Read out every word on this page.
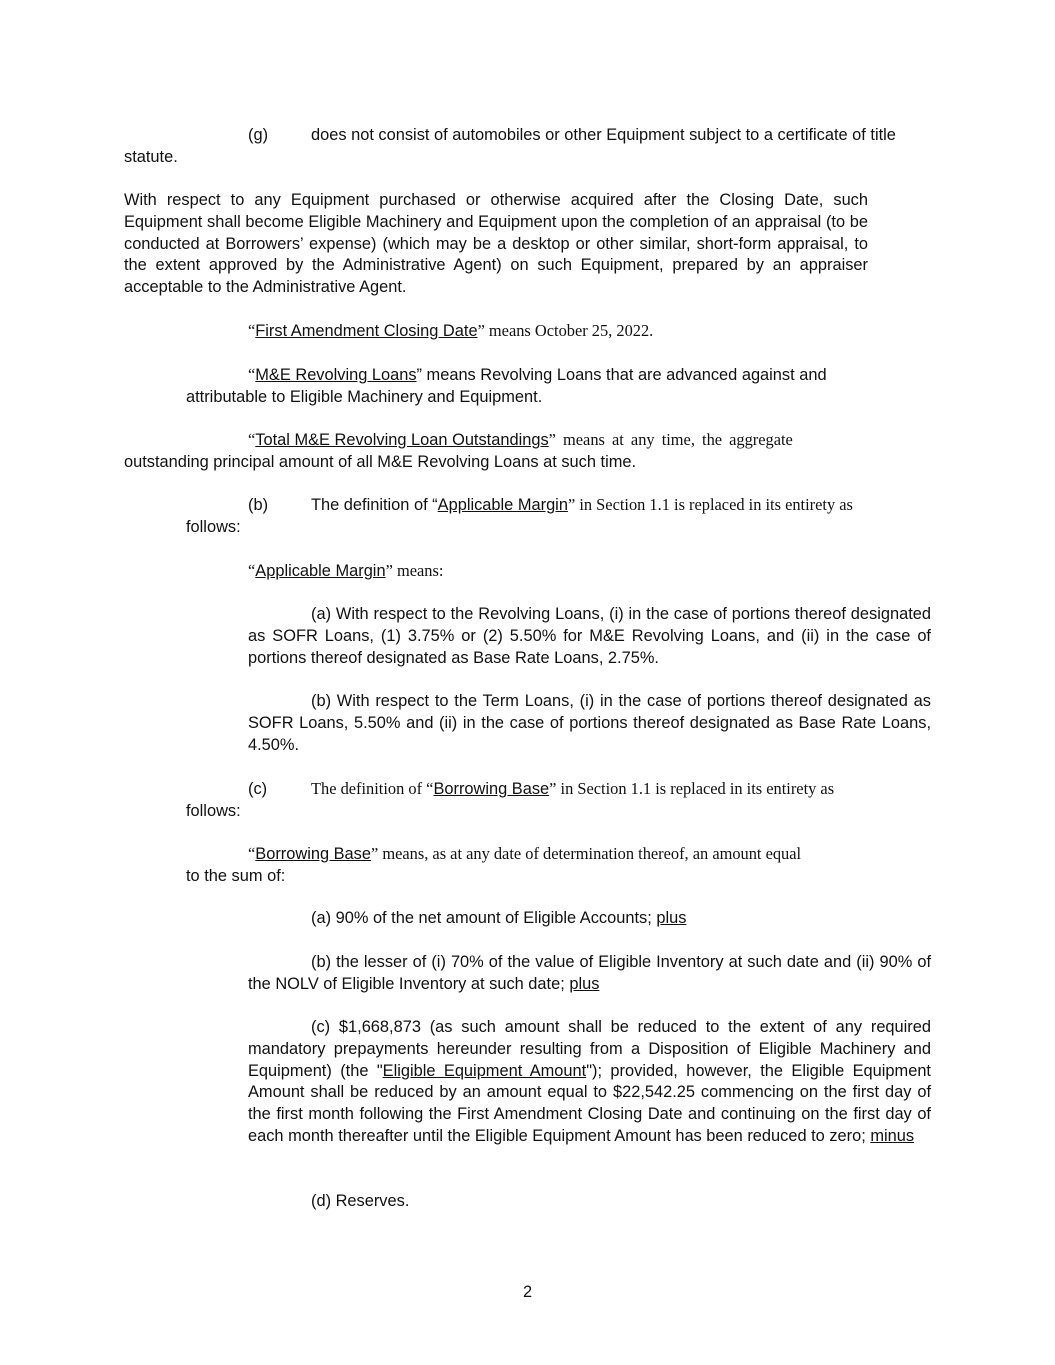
(g)	does not consist of automobiles or other Equipment subject to a certificate of title
statute.
With respect to any Equipment purchased or otherwise acquired after the Closing Date, such Equipment shall become Eligible Machinery and Equipment upon the completion of an appraisal (to be conducted at Borrowers’ expense) (which may be a desktop or other similar, short-form appraisal, to the extent approved by the Administrative Agent) on such Equipment, prepared by an appraiser acceptable to the Administrative Agent.
“First Amendment Closing Date” means October 25, 2022.
“M&E Revolving Loans” means Revolving Loans that are advanced against and
attributable to Eligible Machinery and Equipment.
“Total M&E Revolving Loan Outstandings” means at any time, the aggregate
outstanding principal amount of all M&E Revolving Loans at such time.
(b)	The definition of “Applicable Margin” in Section 1.1 is replaced in its entirety as
follows:
“Applicable Margin” means:
(a) With respect to the Revolving Loans, (i) in the case of portions thereof designated as SOFR Loans, (1) 3.75% or (2) 5.50% for M&E Revolving Loans, and (ii) in the case of portions thereof designated as Base Rate Loans, 2.75%.
(b) With respect to the Term Loans, (i) in the case of portions thereof designated as SOFR Loans, 5.50% and (ii) in the case of portions thereof designated as Base Rate Loans, 4.50%.
(c)	The definition of “Borrowing Base” in Section 1.1 is replaced in its entirety as
follows:
“Borrowing Base” means, as at any date of determination thereof, an amount equal
to the sum of:
(a) 90% of the net amount of Eligible Accounts; plus
(b) the lesser of (i) 70% of the value of Eligible Inventory at such date and (ii) 90% of the NOLV of Eligible Inventory at such date; plus
(c) $1,668,873 (as such amount shall be reduced to the extent of any required mandatory prepayments hereunder resulting from a Disposition of Eligible Machinery and Equipment) (the "Eligible Equipment Amount"); provided, however, the Eligible Equipment Amount shall be reduced by an amount equal to $22,542.25 commencing on the first day of the first month following the First Amendment Closing Date and continuing on the first day of each month thereafter until the Eligible Equipment Amount has been reduced to zero; minus
(d) Reserves.
2
